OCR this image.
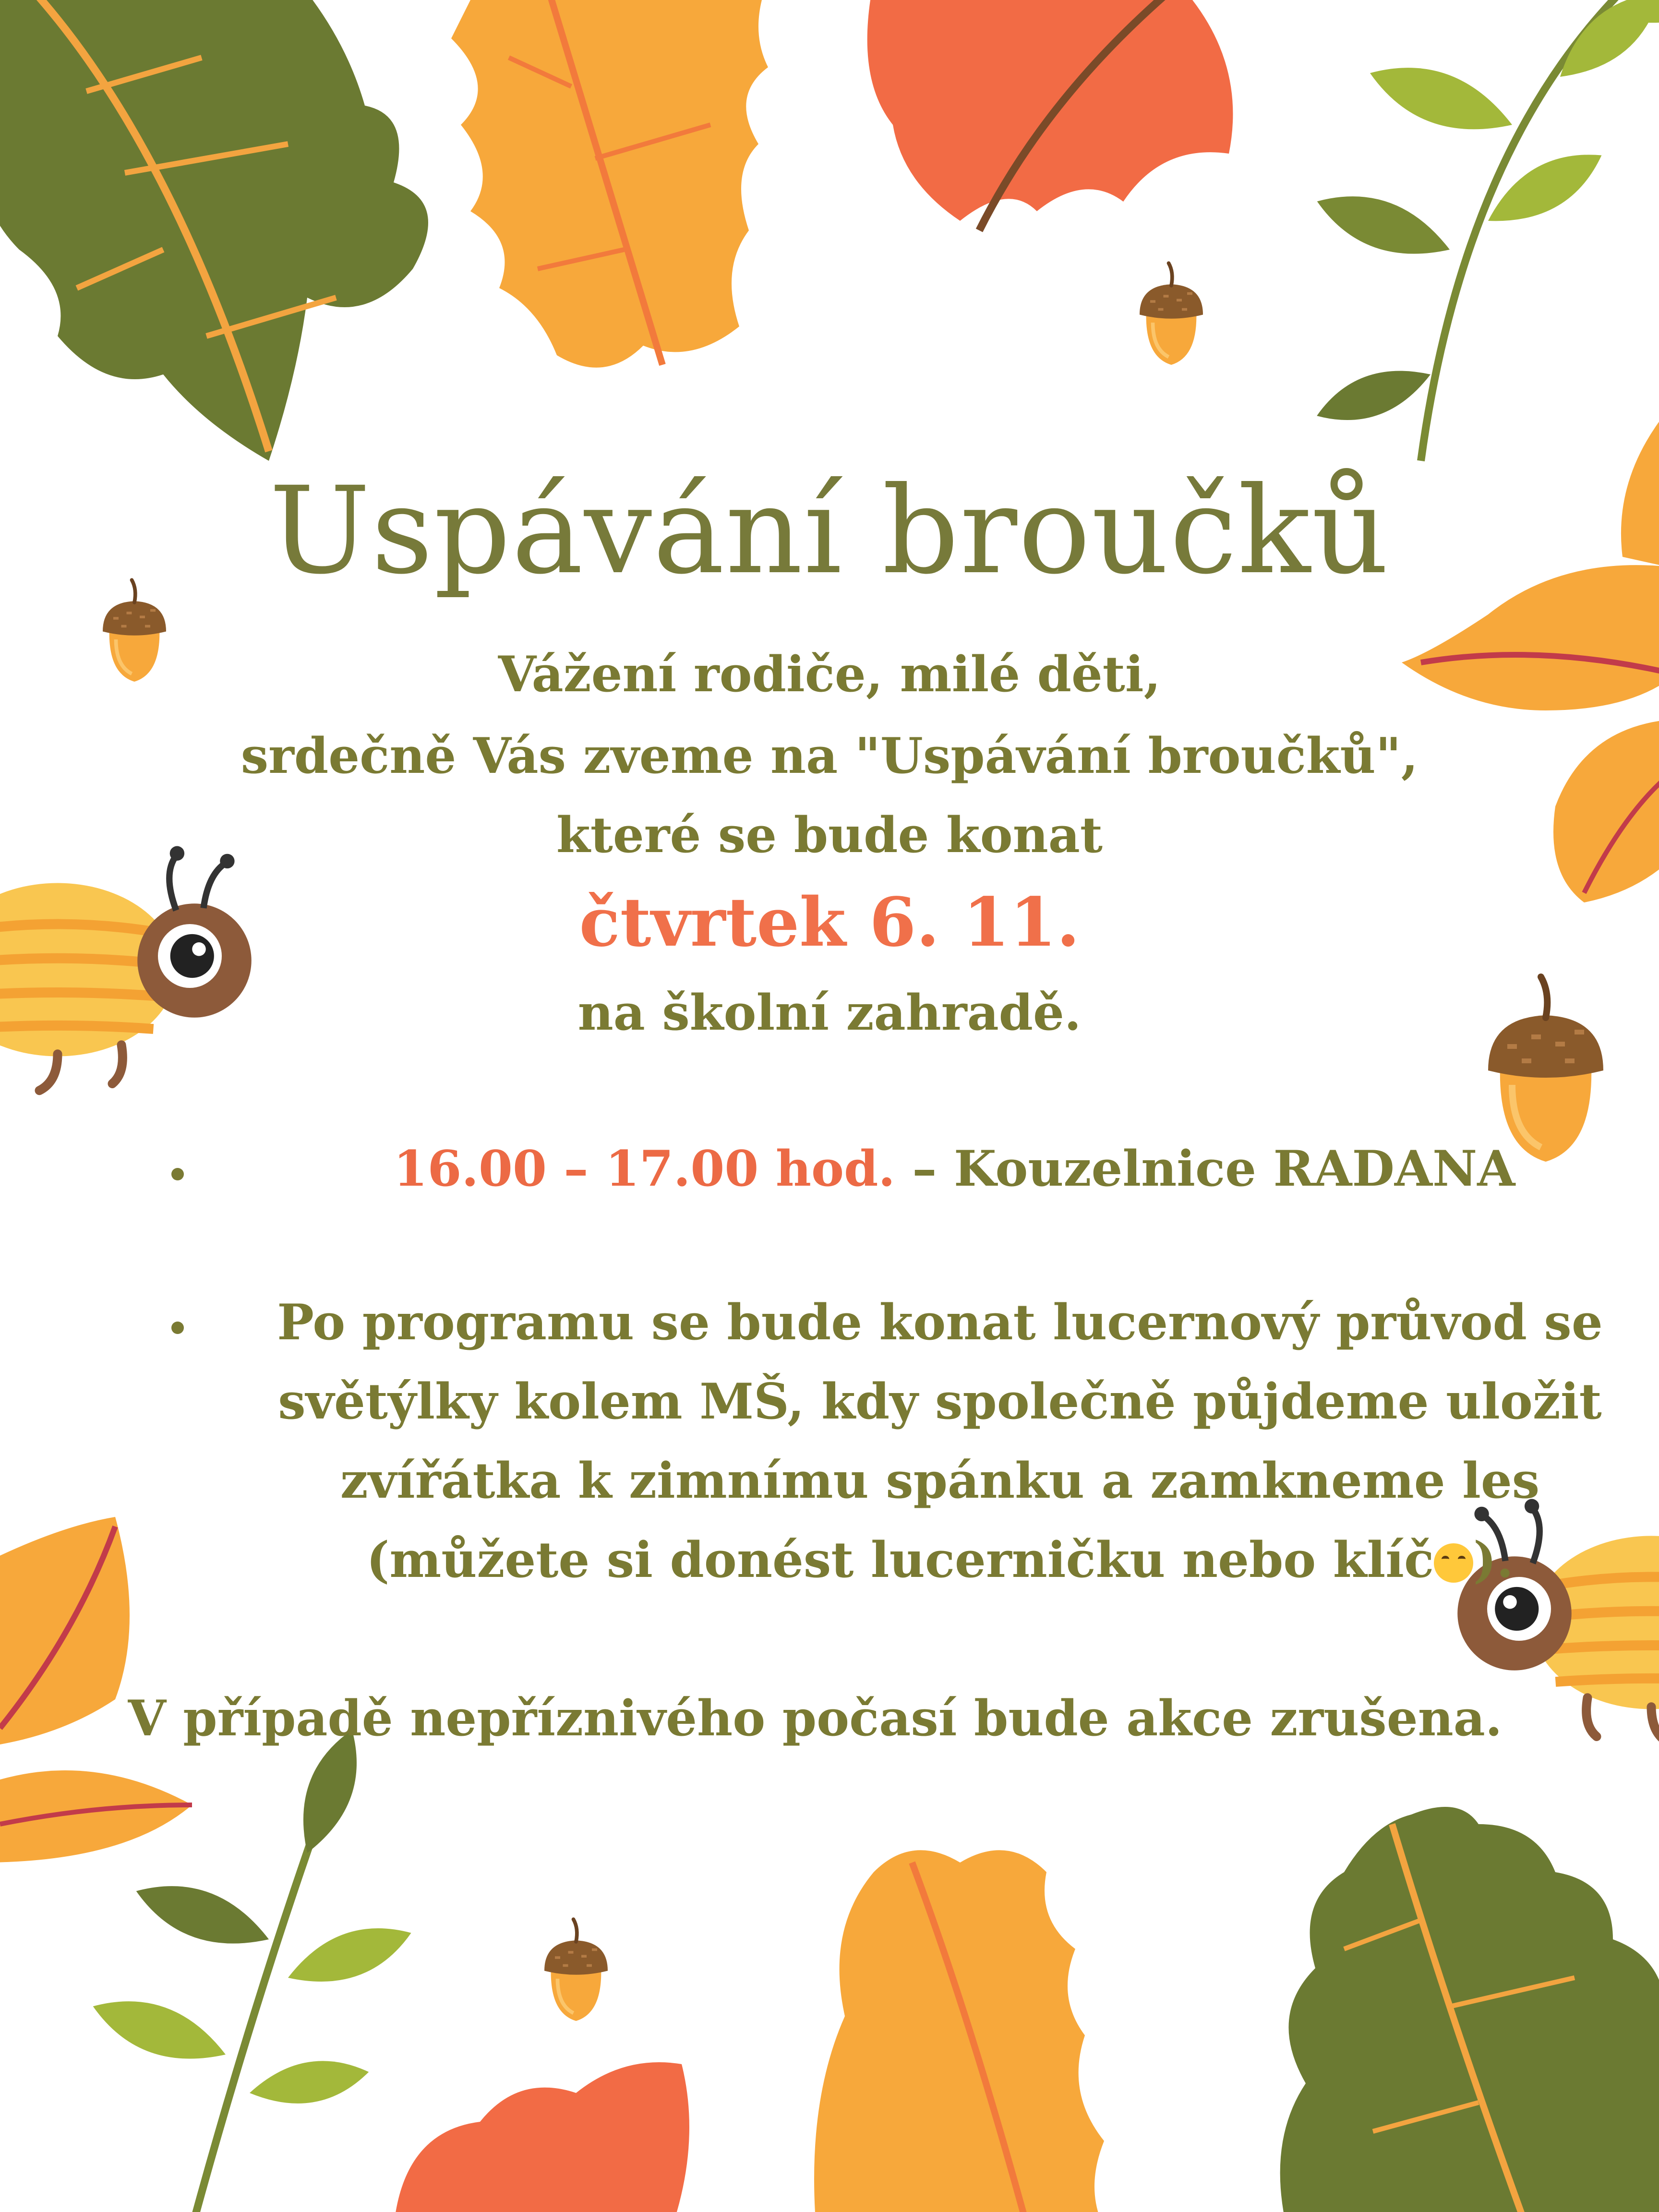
Uspávání broučků

Vážení rodiče, milé děti,

srdečně Vás zveme na "Uspávání broučků",

které se bude konat

čtvrtek 6. 11.

na školní zahradě.

16.00 – 17.00 hod. – Kouzelnice RADANA

Po programu se bude konat lucernový průvod se

světýlky kolem MŠ, kdy společně půjdeme uložit

zvířátka k zimnímu spánku a zamkneme les

(můžete si donést lucerničku nebo klíč ).

V případě nepříznivého počasí bude akce zrušena.
